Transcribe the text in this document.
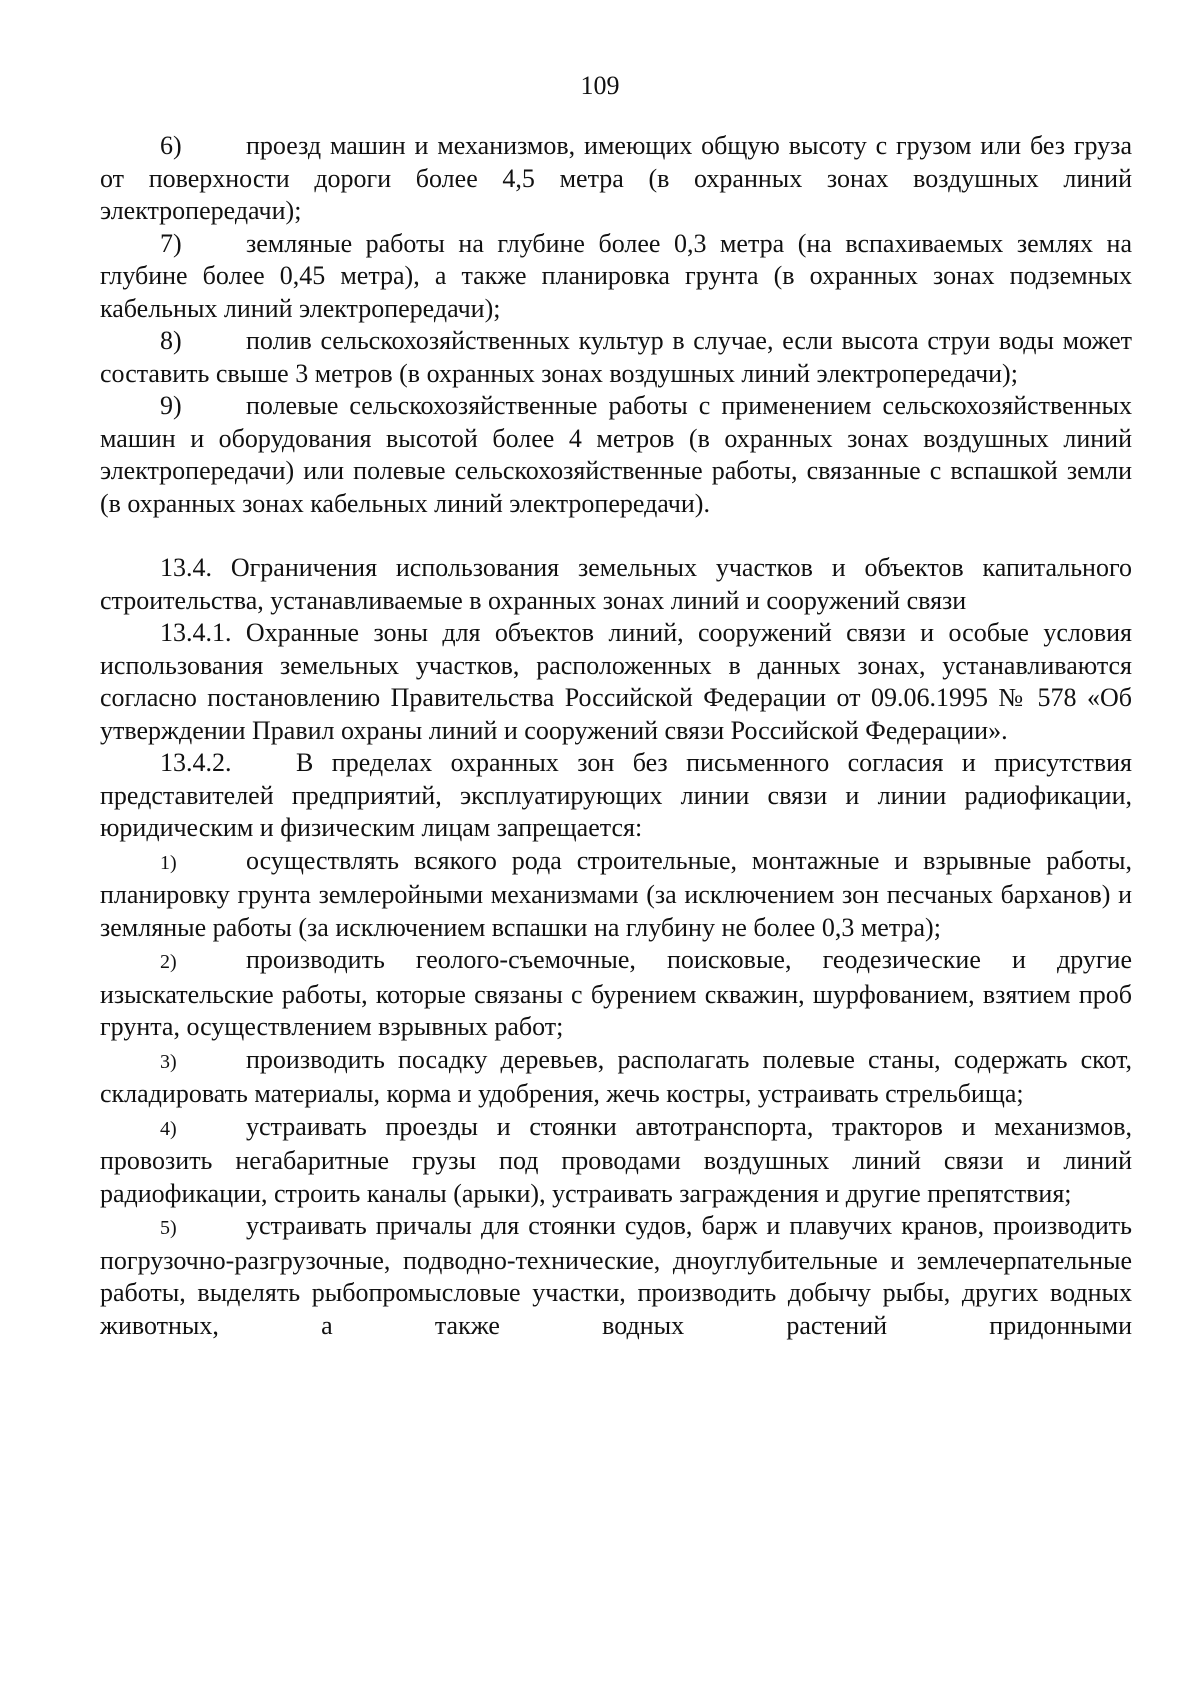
109

6) проезд машин и механизмов, имеющих общую высоту с грузом или без груза от поверхности дороги более 4,5 метра (в охранных зонах воздушных линий электропередачи);

7) земляные работы на глубине более 0,3 метра (на вспахиваемых землях на глубине более 0,45 метра), а также планировка грунта (в охранных зонах подземных кабельных линий электропередачи);

8) полив сельскохозяйственных культур в случае, если высота струи воды может составить свыше 3 метров (в охранных зонах воздушных линий электропередачи);

9) полевые сельскохозяйственные работы с применением сельскохозяйственных машин и оборудования высотой более 4 метров (в охранных зонах воздушных линий электропередачи) или полевые сельскохозяйственные работы, связанные с вспашкой земли (в охранных зонах кабельных линий электропередачи).

13.4. Ограничения использования земельных участков и объектов капитального строительства, устанавливаемые в охранных зонах линий и сооружений связи

13.4.1. Охранные зоны для объектов линий, сооружений связи и особые условия использования земельных участков, расположенных в данных зонах, устанавливаются согласно постановлению Правительства Российской Федерации от 09.06.1995 № 578 «Об утверждении Правил охраны линий и сооружений связи Российской Федерации».

13.4.2. В пределах охранных зон без письменного согласия и присутствия представителей предприятий, эксплуатирующих линии связи и линии радиофикации, юридическим и физическим лицам запрещается:

1)	осуществлять всякого рода строительные, монтажные и взрывные работы, планировку грунта землеройными механизмами (за исключением зон песчаных барханов) и земляные работы (за исключением вспашки на глубину не более 0,3 метра);

2)	производить геолого-съемочные, поисковые, геодезические и другие изыскательские работы, которые связаны с бурением скважин, шурфованием, взятием проб грунта, осуществлением взрывных работ;

3)	производить посадку деревьев, располагать полевые станы, содержать скот, складировать материалы, корма и удобрения, жечь костры, устраивать стрельбища;

4)	устраивать проезды и стоянки автотранспорта, тракторов и механизмов, провозить негабаритные грузы под проводами воздушных линий связи и линий радиофикации, строить каналы (арыки), устраивать заграждения и другие препятствия;

5)	устраивать причалы для стоянки судов, барж и плавучих кранов, производить погрузочно-разгрузочные, подводно-технические, дноуглубительные и землечерпательные работы, выделять рыбопромысловые участки, производить добычу рыбы, других водных животных, а также водных растений придонными
